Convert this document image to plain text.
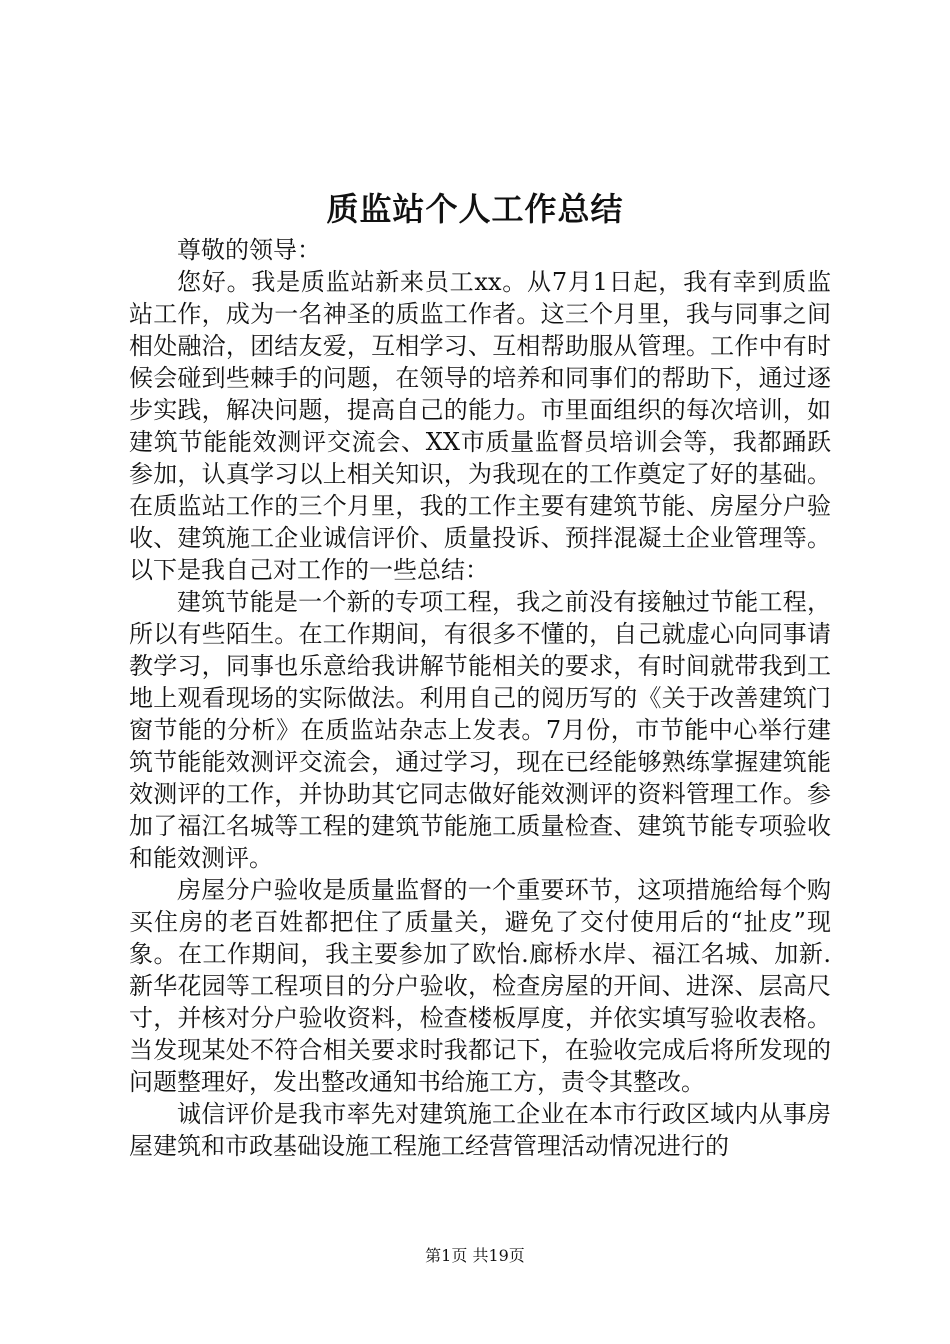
质监站个人工作总结

尊敬的领导：

您好。我是质监站新来员工xx。从7月1日起，我有幸到质监站工作，成为一名神圣的质监工作者。这三个月里，我与同事之间相处融洽，团结友爱，互相学习、互相帮助服从管理。工作中有时候会碰到些棘手的问题，在领导的培养和同事们的帮助下，通过逐步实践，解决问题，提高自己的能力。市里面组织的每次培训，如建筑节能能效测评交流会、XX市质量监督员培训会等，我都踊跃参加，认真学习以上相关知识，为我现在的工作奠定了好的基础。在质监站工作的三个月里，我的工作主要有建筑节能、房屋分户验收、建筑施工企业诚信评价、质量投诉、预拌混凝土企业管理等。以下是我自己对工作的一些总结：

建筑节能是一个新的专项工程，我之前没有接触过节能工程，所以有些陌生。在工作期间，有很多不懂的，自己就虚心向同事请教学习，同事也乐意给我讲解节能相关的要求，有时间就带我到工地上观看现场的实际做法。利用自己的阅历写的《关于改善建筑门窗节能的分析》在质监站杂志上发表。7月份，市节能中心举行建筑节能能效测评交流会，通过学习，现在已经能够熟练掌握建筑能效测评的工作，并协助其它同志做好能效测评的资料管理工作。参加了福江名城等工程的建筑节能施工质量检查、建筑节能专项验收和能效测评。

房屋分户验收是质量监督的一个重要环节，这项措施给每个购买住房的老百姓都把住了质量关，避免了交付使用后的“扯皮”现象。在工作期间，我主要参加了欧怡.廊桥水岸、福江名城、加新.新华花园等工程项目的分户验收，检查房屋的开间、进深、层高尺寸，并核对分户验收资料，检查楼板厚度，并依实填写验收表格。当发现某处不符合相关要求时我都记下，在验收完成后将所发现的问题整理好，发出整改通知书给施工方，责令其整改。

诚信评价是我市率先对建筑施工企业在本市行政区域内从事房屋建筑和市政基础设施工程施工经营管理活动情况进行的

第1页 共19页
